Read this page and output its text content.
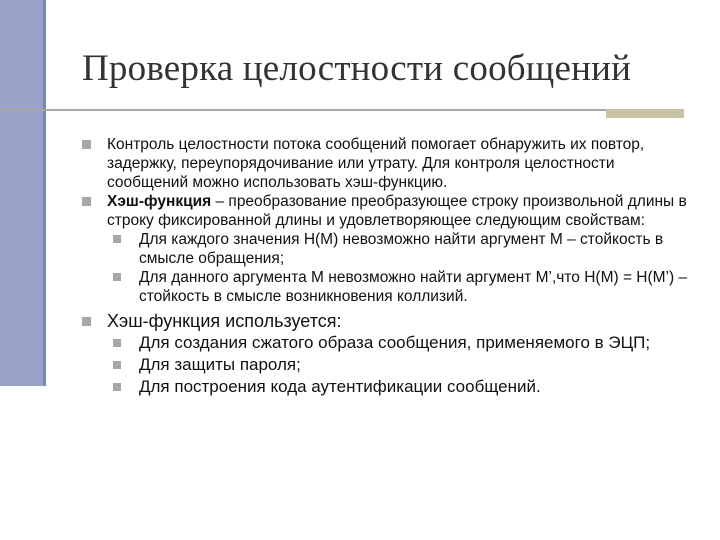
Проверка целостности сообщений
Контроль целостности потока сообщений помогает обнаружить их повтор, задержку, переупорядочивание или утрату. Для контроля целостности сообщений можно использовать хэш-функцию.
Хэш-функция – преобразование преобразующее строку произвольной длины в строку фиксированной длины и удовлетворяющее следующим свойствам:
Для каждого значения H(M) невозможно найти аргумент М – стойкость в смысле обращения;
Для данного аргумента М невозможно найти аргумент М’,что H(M) = H(M’) – стойкость в смысле возникновения коллизий.
Хэш-функция используется:
Для создания сжатого образа сообщения, применяемого в ЭЦП;
Для защиты пароля;
Для построения кода аутентификации сообщений.
